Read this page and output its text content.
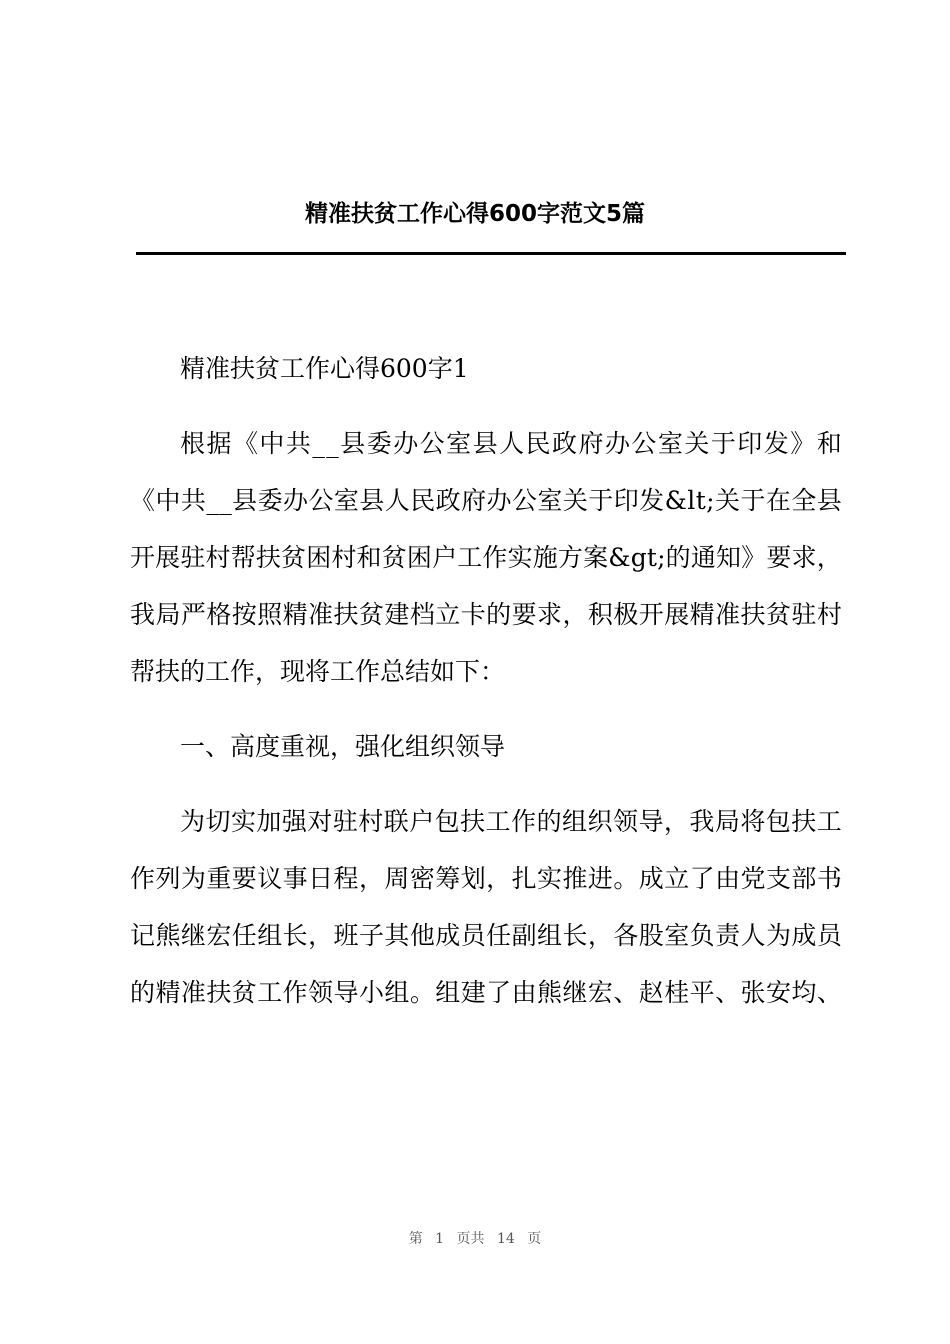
精准扶贫工作心得600字范文5篇
精准扶贫工作心得600字1
根 据 《 中 共 _ _ 县 委 办 公 室 县 人 民 政 府 办 公 室 关 于 印 发 》 和
《 中 共 _ _ 县 委 办 公 室 县 人 民 政 府 办 公 室 关 于 印 发 & l t ; 关 于 在 全 县
开 展 驻 村 帮 扶 贫 困 村 和 贫 困 户 工 作 实 施 方 案 & g t ; 的 通 知 》 要 求 ，
我 局 严 格 按 照 精 准 扶 贫 建 档 立 卡 的 要 求 ， 积 极 开 展 精 准 扶 贫 驻 村
帮扶的工作，现将工作总结如下：
一、高度重视，强化组织领导
为 切 实 加 强 对 驻 村 联 户 包 扶 工 作 的 组 织 领 导 ， 我 局 将 包 扶 工
作 列 为 重 要 议 事 日 程 ， 周 密 筹 划 ， 扎 实 推 进 。 成 立 了 由 党 支 部 书
记 熊 继 宏 任 组 长 ， 班 子 其 他 成 员 任 副 组 长 ， 各 股 室 负 责 人 为 成 员
的 精 准 扶 贫 工 作 领 导 小 组 。 组 建 了 由 熊 继 宏 、 赵 桂 平 、 张 安 均 、
第 1 页共 14 页
